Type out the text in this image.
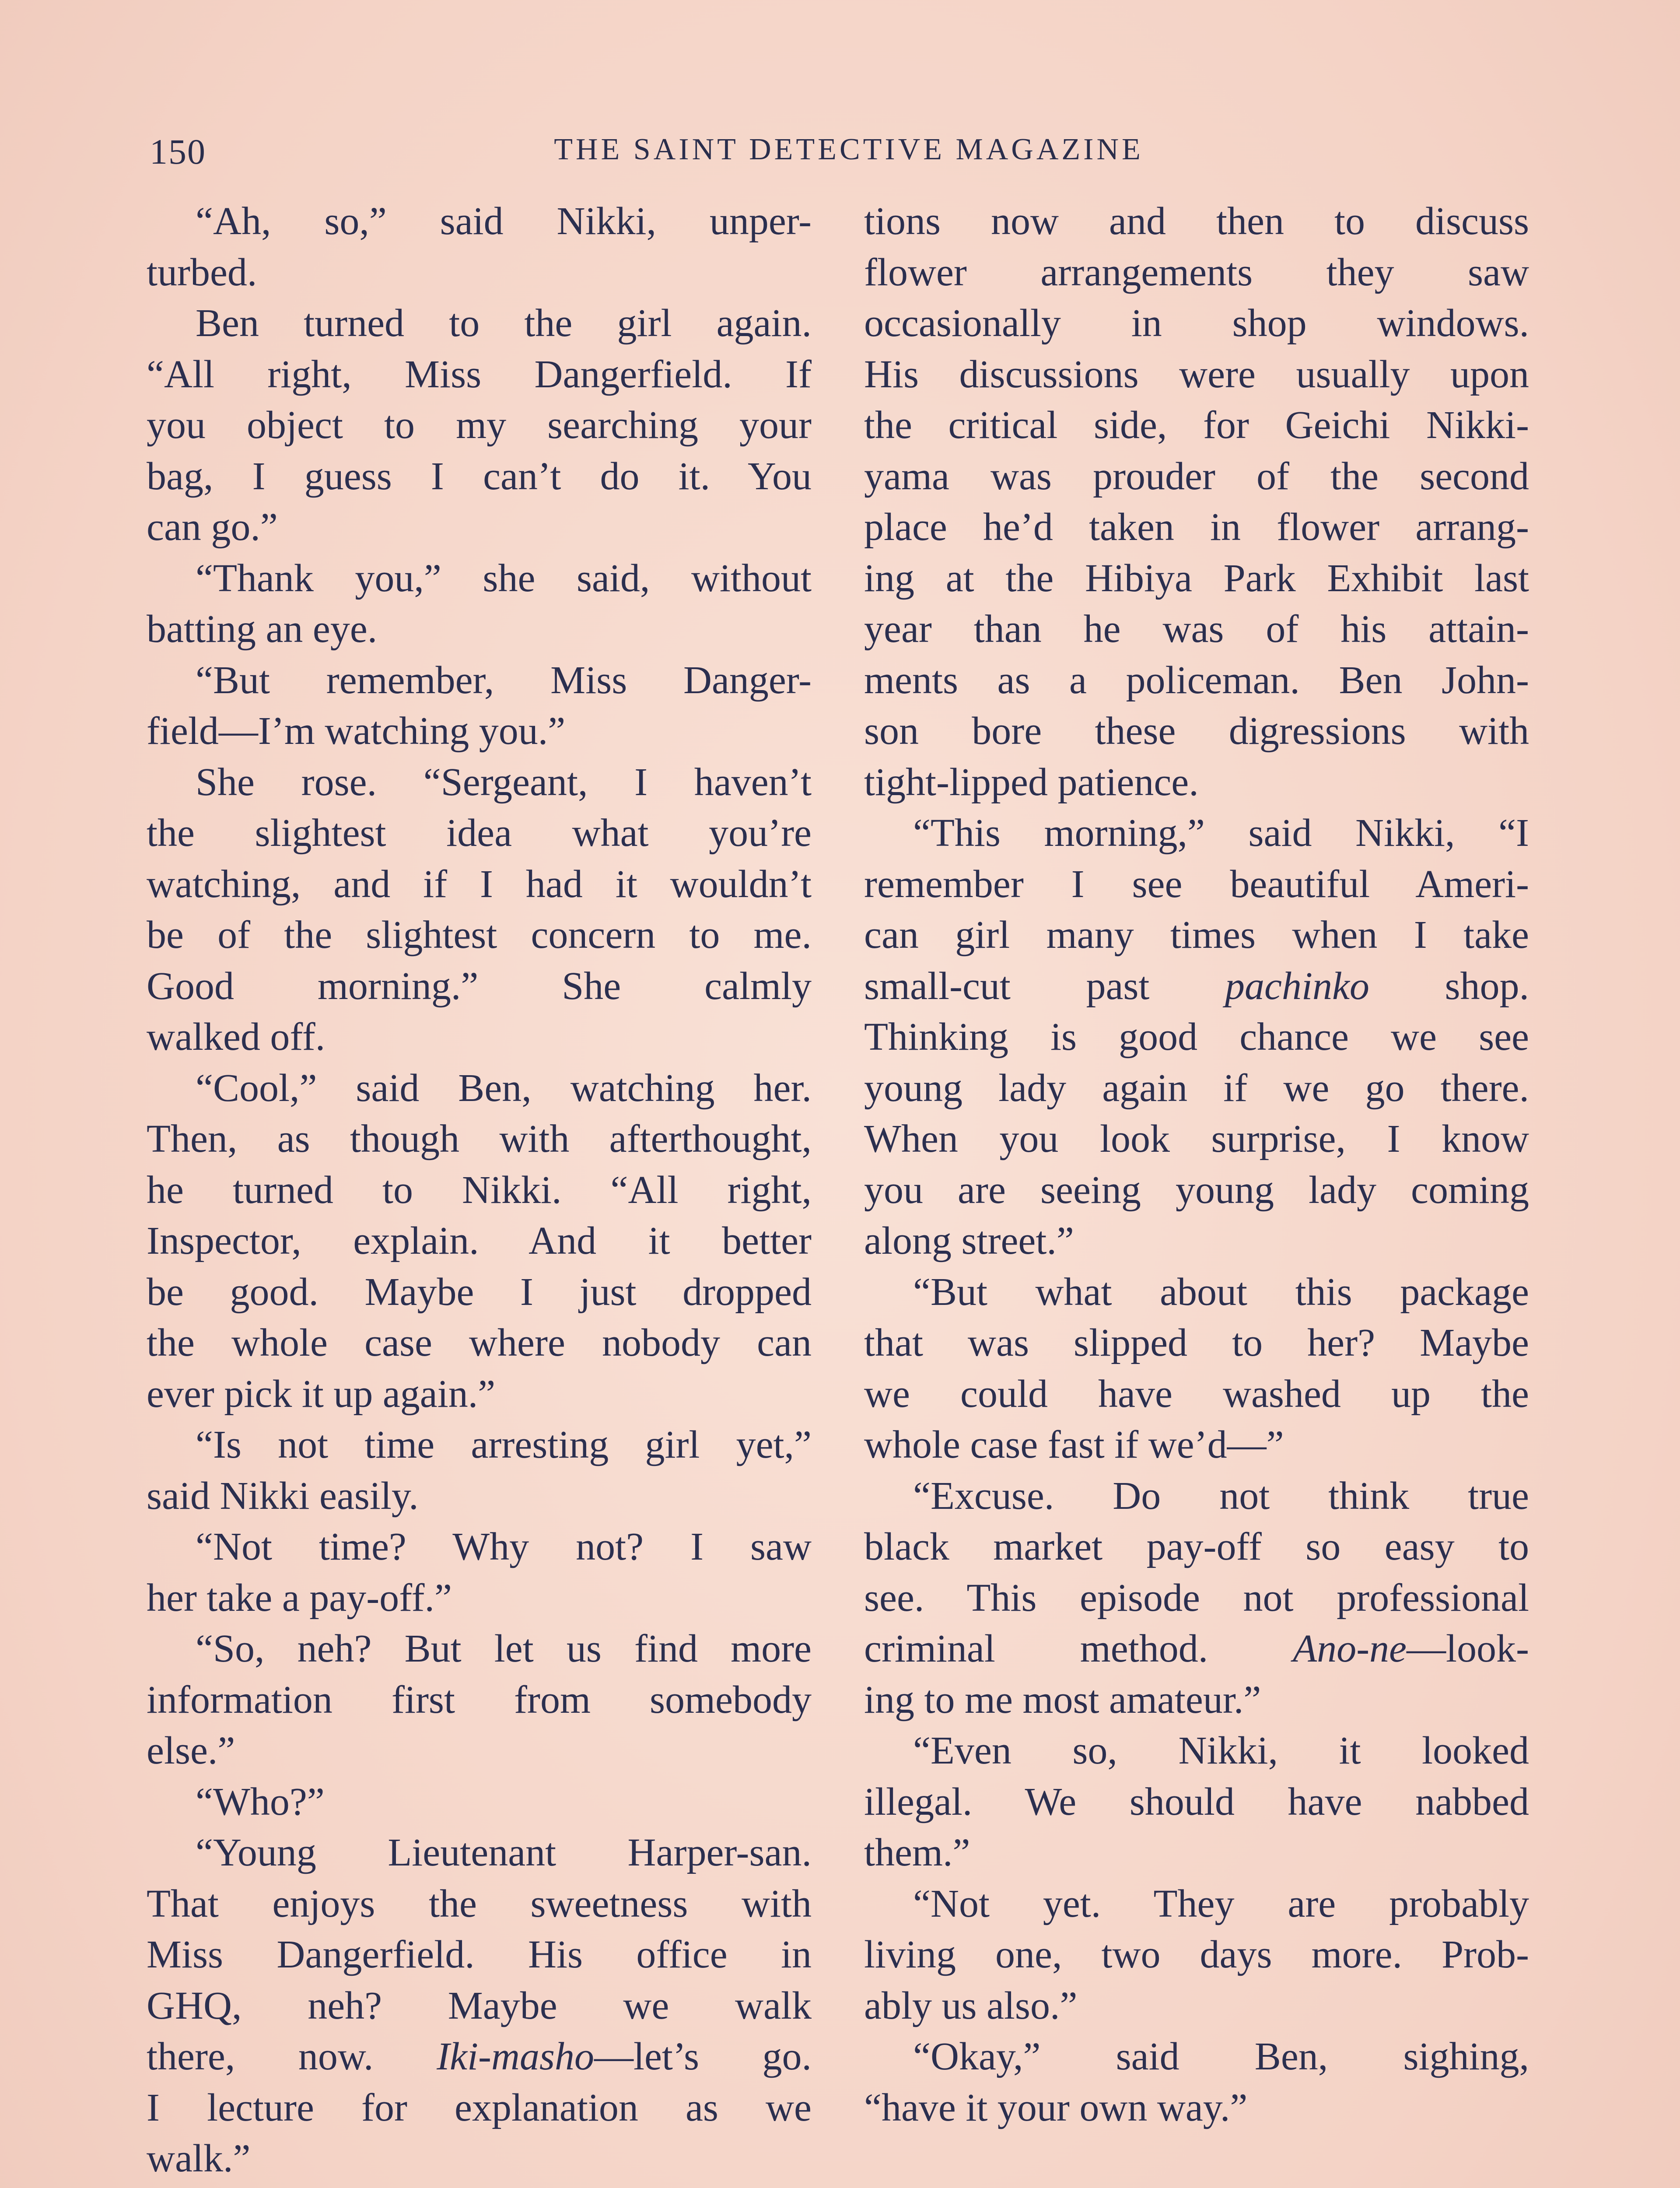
150	THE SAINT DETECTIVE MAGAZINE
“Ah, so,” said Nikki, unper-
turbed.
Ben turned to the girl again.
“All right, Miss Dangerfield. If
you object to my searching your
bag, I guess I can’t do it. You
can go.”
“Thank you,” she said, without
batting an eye.
“But remember, Miss Danger-
field—I’m watching you.”
She rose. “Sergeant, I haven’t
the slightest idea what you’re
watching, and if I had it wouldn’t
be of the slightest concern to me.
Good morning.” She calmly
walked off.
“Cool,” said Ben, watching her.
Then, as though with afterthought,
he turned to Nikki. “All right,
Inspector, explain. And it better
be good. Maybe I just dropped
the whole case where nobody can
ever pick it up again.”
“Is not time arresting girl yet,”
said Nikki easily.
“Not time? Why not? I saw
her take a pay-off.”
“So, neh? But let us find more
information first from somebody
else.”
“Who?”
“Young Lieutenant Harper-san.
That enjoys the sweetness with
Miss Dangerfield. His office in
GHQ, neh? Maybe we walk
there, now. Iki-masho—let’s go.
I lecture for explanation as we
walk.”
tions now and then to discuss
flower arrangements they saw
occasionally in shop windows.
His discussions were usually upon
the critical side, for Geichi Nikki-
yama was prouder of the second
place he’d taken in flower arrang-
ing at the Hibiya Park Exhibit last
year than he was of his attain-
ments as a policeman. Ben John-
son bore these digressions with
tight-lipped patience.
“This morning,” said Nikki, “I
remember I see beautiful Ameri-
can girl many times when I take
small-cut past pachinko shop.
Thinking is good chance we see
young lady again if we go there.
When you look surprise, I know
you are seeing young lady coming
along street.”
“But what about this package
that was slipped to her? Maybe
we could have washed up the
whole case fast if we’d—”
“Excuse. Do not think true
black market pay-off so easy to
see. This episode not professional
criminal method. Ano-ne—look-
ing to me most amateur.”
“Even so, Nikki, it looked
illegal. We should have nabbed
them.”
“Not yet. They are probably
living one, two days more. Prob-
ably us also.”
“Okay,” said Ben, sighing,
“have it your own way.”
